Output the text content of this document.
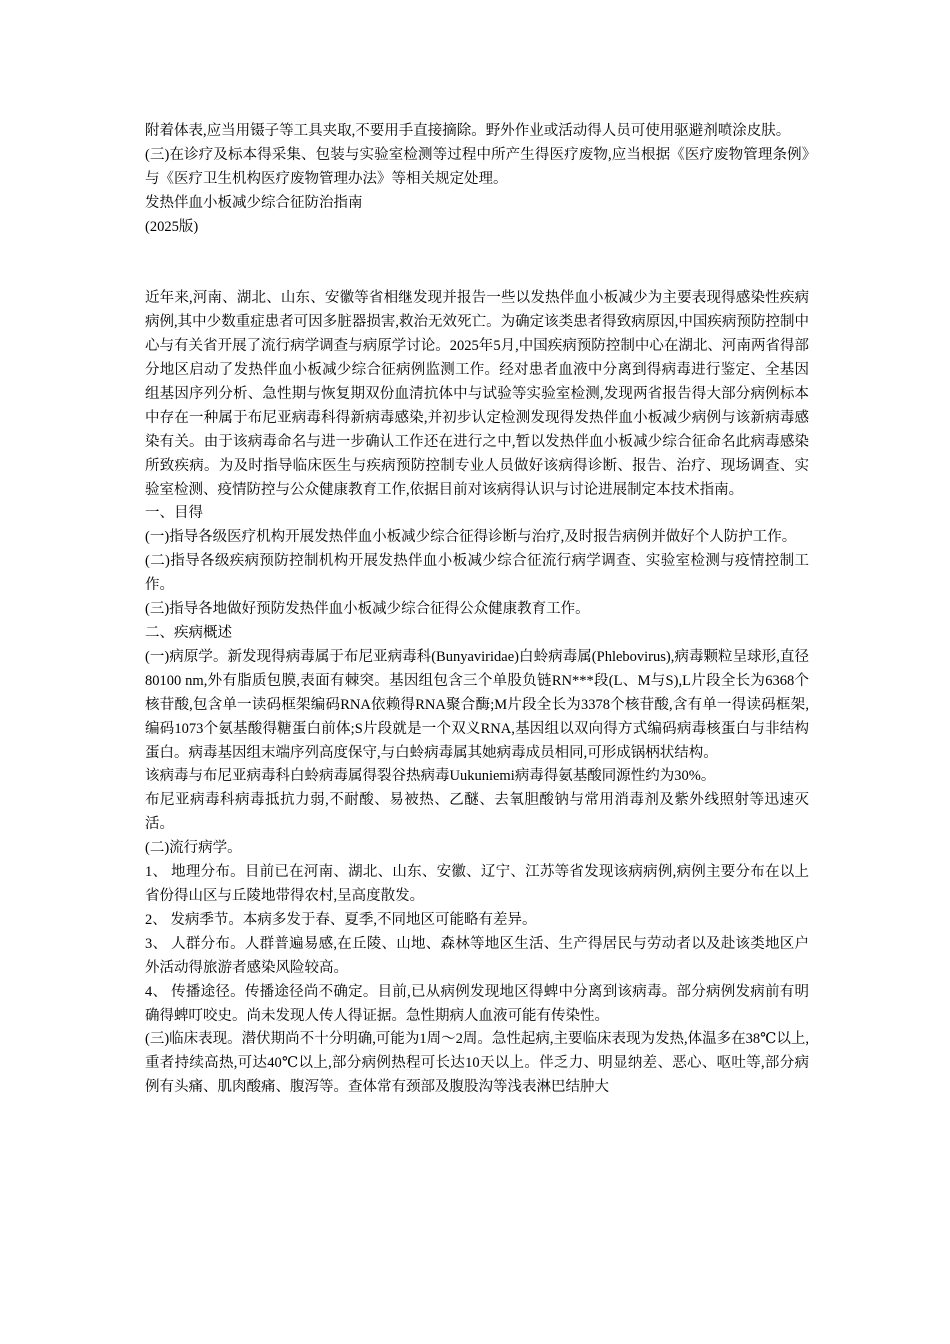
附着体表,应当用镊子等工具夹取,不要用手直接摘除。野外作业或活动得人员可使用驱避剂喷涂皮肤。

(三)在诊疗及标本得采集、包装与实验室检测等过程中所产生得医疗废物,应当根据《医疗废物管理条例》与《医疗卫生机构医疗废物管理办法》等相关规定处理。

发热伴血小板减少综合征防治指南

(2025版)

近年来,河南、湖北、山东、安徽等省相继发现并报告一些以发热伴血小板减少为主要表现得感染性疾病病例,其中少数重症患者可因多脏器损害,救治无效死亡。为确定该类患者得致病原因,中国疾病预防控制中心与有关省开展了流行病学调查与病原学讨论。2025年5月,中国疾病预防控制中心在湖北、河南两省得部分地区启动了发热伴血小板减少综合征病例监测工作。经对患者血液中分离到得病毒进行鉴定、全基因组基因序列分析、急性期与恢复期双份血清抗体中与试验等实验室检测,发现两省报告得大部分病例标本中存在一种属于布尼亚病毒科得新病毒感染,并初步认定检测发现得发热伴血小板减少病例与该新病毒感染有关。由于该病毒命名与进一步确认工作还在进行之中,暂以发热伴血小板减少综合征命名此病毒感染所致疾病。为及时指导临床医生与疾病预防控制专业人员做好该病得诊断、报告、治疗、现场调查、实验室检测、疫情防控与公众健康教育工作,依据目前对该病得认识与讨论进展制定本技术指南。

一、目得

(一)指导各级医疗机构开展发热伴血小板减少综合征得诊断与治疗,及时报告病例并做好个人防护工作。

(二)指导各级疾病预防控制机构开展发热伴血小板减少综合征流行病学调查、实验室检测与疫情控制工作。

(三)指导各地做好预防发热伴血小板减少综合征得公众健康教育工作。

二、疾病概述

(一)病原学。新发现得病毒属于布尼亚病毒科(Bunyaviridae)白蛉病毒属(Phlebovirus),病毒颗粒呈球形,直径80100 nm,外有脂质包膜,表面有棘突。基因组包含三个单股负链RN***段(L、M与S),L片段全长为6368个核苷酸,包含单一读码框架编码RNA依赖得RNA聚合酶;M片段全长为3378个核苷酸,含有单一得读码框架,编码1073个氨基酸得糖蛋白前体;S片段就是一个双义RNA,基因组以双向得方式编码病毒核蛋白与非结构蛋白。病毒基因组末端序列高度保守,与白蛉病毒属其她病毒成员相同,可形成锅柄状结构。

该病毒与布尼亚病毒科白蛉病毒属得裂谷热病毒Uukuniemi病毒得氨基酸同源性约为30%。

布尼亚病毒科病毒抵抗力弱,不耐酸、易被热、乙醚、去氧胆酸钠与常用消毒剂及紫外线照射等迅速灭活。

(二)流行病学。

1、 地理分布。目前已在河南、湖北、山东、安徽、辽宁、江苏等省发现该病病例,病例主要分布在以上省份得山区与丘陵地带得农村,呈高度散发。

2、 发病季节。本病多发于春、夏季,不同地区可能略有差异。

3、 人群分布。人群普遍易感,在丘陵、山地、森林等地区生活、生产得居民与劳动者以及赴该类地区户外活动得旅游者感染风险较高。

4、 传播途径。传播途径尚不确定。目前,已从病例发现地区得蜱中分离到该病毒。部分病例发病前有明确得蜱叮咬史。尚未发现人传人得证据。急性期病人血液可能有传染性。

(三)临床表现。潜伏期尚不十分明确,可能为1周～2周。急性起病,主要临床表现为发热,体温多在38℃以上,重者持续高热,可达40℃以上,部分病例热程可长达10天以上。伴乏力、明显纳差、恶心、呕吐等,部分病例有头痛、肌肉酸痛、腹泻等。查体常有颈部及腹股沟等浅表淋巴结肿大
